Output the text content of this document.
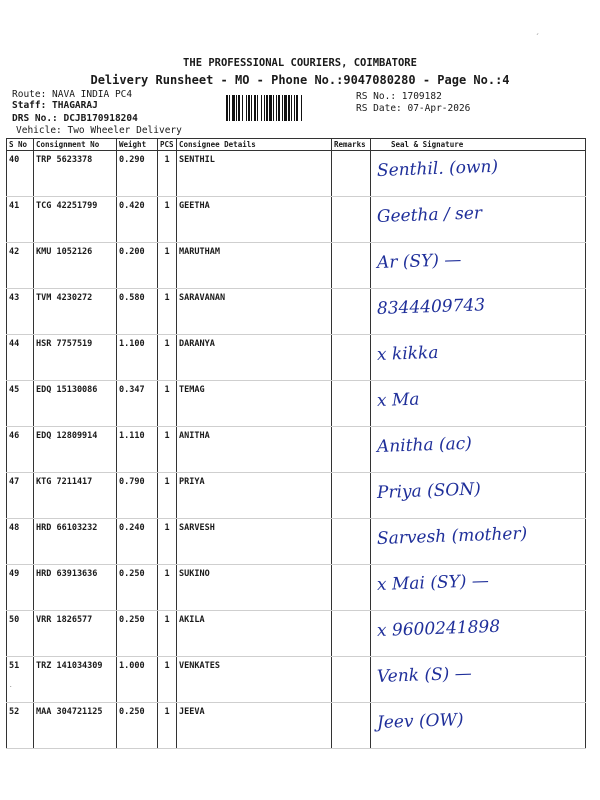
THE PROFESSIONAL COURIERS, COIMBATORE
Delivery Runsheet - MO - Phone No.:9047080280 - Page No.:4
Route: NAVA INDIA PC4
Staff: THAGARAJ
DRS No.: DCJB170918204
Vehicle: Two Wheeler Delivery
RS No.: 1709182
RS Date: 07-Apr-2026
S No	Consignment No	Weight	PCS	Consignee Details	Remarks	Seal & Signature
40	TRP 5623378	0.290	1	SENTHIL		Senthil. (own)

41	TCG 42251799	0.420	1	GEETHA		Geetha / ser

42	KMU 1052126	0.200	1	MARUTHAM		Ar (SY) —

43	TVM 4230272	0.580	1	SARAVANAN		8344409743

44	HSR 7757519	1.100	1	DARANYA		x kikka

45	EDQ 15130086	0.347	1	TEMAG		x Ma

46	EDQ 12809914	1.110	1	ANITHA		Anitha (ac)

47	KTG 7211417	0.790	1	PRIYA		Priya (SON)

48	HRD 66103232	0.240	1	SARVESH		Sarvesh (mother)

49	HRD 63913636	0.250	1	SUKINO		x Mai (SY) —

50	VRR 1826577	0.250	1	AKILA		x 9600241898

51	TRZ 141034309	1.000	1	VENKATES		Venk (S) —

52	MAA 304721125	0.250	1	JEEVA		Jeev (OW)
ˊ
˙
